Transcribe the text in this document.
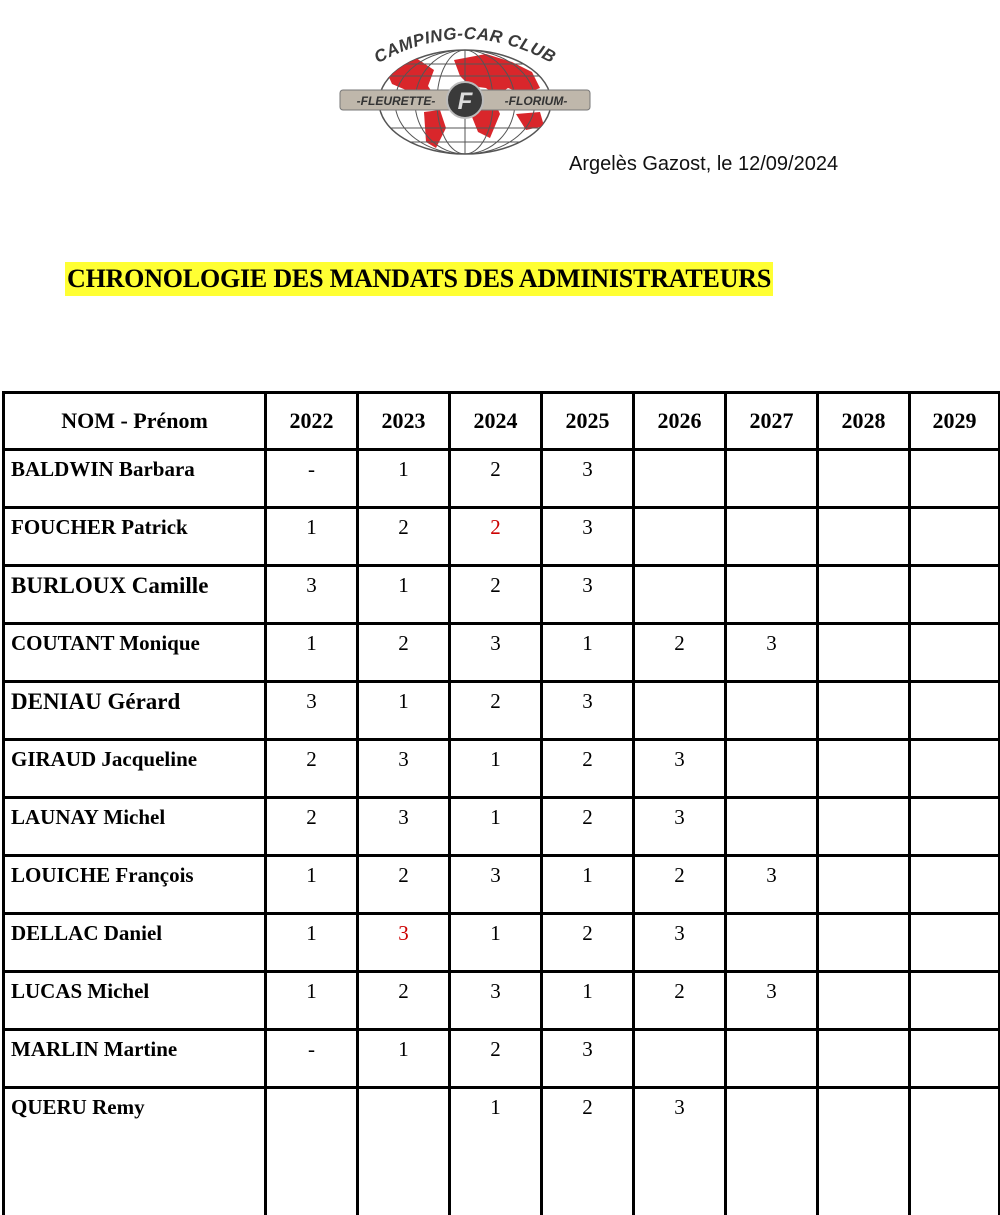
CAMPING-CAR CLUB
-FLEURETTE-	-FLORIUM-
F
Argelès Gazost, le 12/09/2024
CHRONOLOGIE DES MANDATS DES ADMINISTRATEURS
NOM - Prénom	2022	2023	2024	2025	2026	2027	2028	2029
BALDWIN Barbara	-	1	2	3				
FOUCHER Patrick	1	2	2	3				
BURLOUX Camille	3	1	2	3				
COUTANT Monique	1	2	3	1	2	3		
DENIAU Gérard	3	1	2	3				
GIRAUD Jacqueline	2	3	1	2	3			
LAUNAY Michel	2	3	1	2	3			
LOUICHE François	1	2	3	1	2	3		
DELLAC Daniel	1	3	1	2	3			
LUCAS Michel	1	2	3	1	2	3		
MARLIN Martine	-	1	2	3				
QUERU Remy			1	2	3			
